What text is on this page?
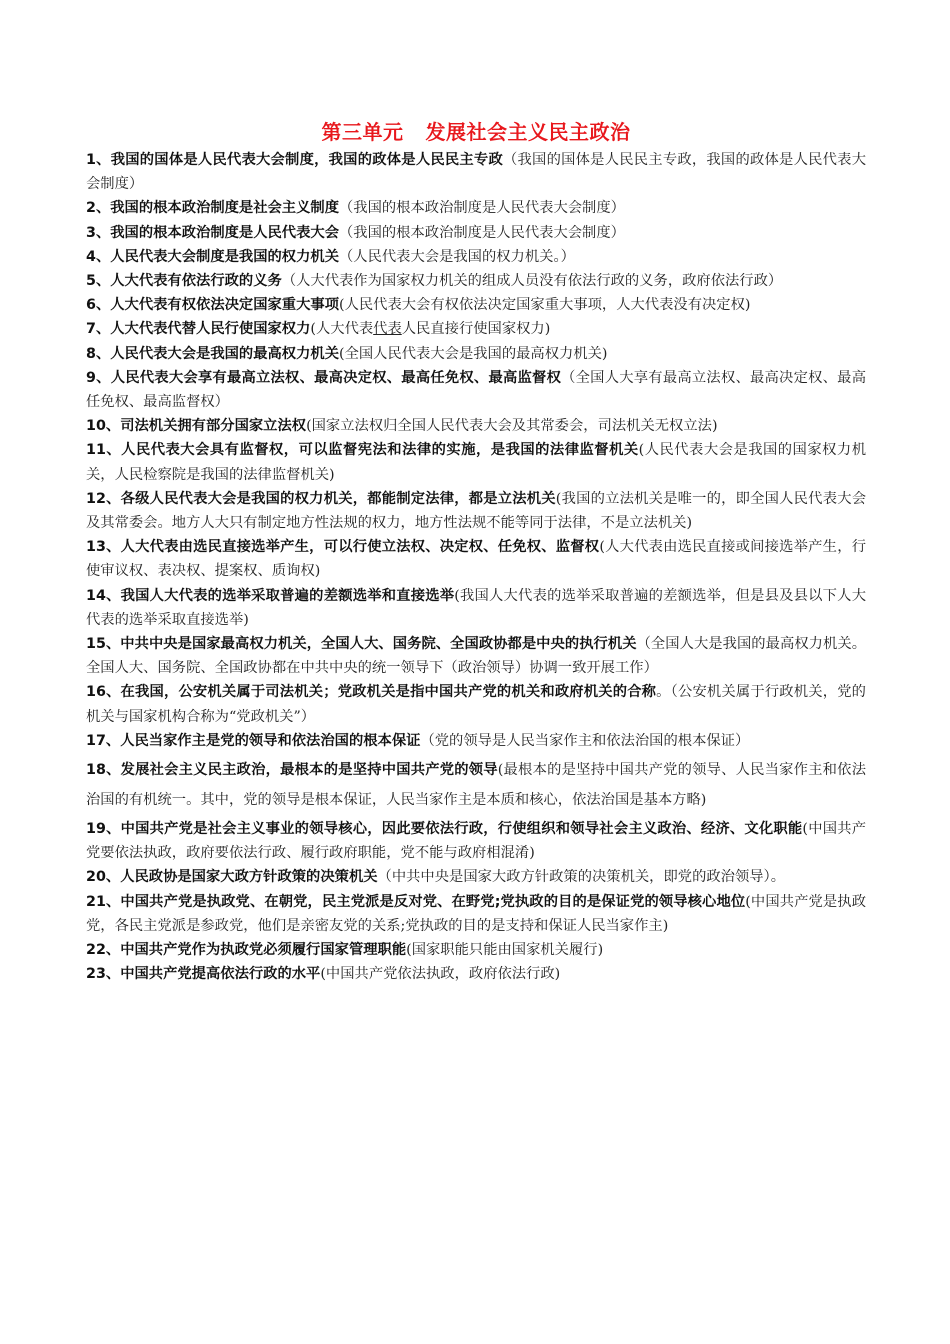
第三单元 发展社会主义民主政治

1、我国的国体是人民代表大会制度，我国的政体是人民民主专政（我国的国体是人民民主专政，我国的政体是人民代表大会制度）

2、我国的根本政治制度是社会主义制度（我国的根本政治制度是人民代表大会制度）

3、我国的根本政治制度是人民代表大会（我国的根本政治制度是人民代表大会制度）

4、人民代表大会制度是我国的权力机关（人民代表大会是我国的权力机关。）

5、人大代表有依法行政的义务（人大代表作为国家权力机关的组成人员没有依法行政的义务，政府依法行政）

6、人大代表有权依法决定国家重大事项(人民代表大会有权依法决定国家重大事项，人大代表没有决定权)

7、人大代表代替人民行使国家权力(人大代表代表人民直接行使国家权力)

8、人民代表大会是我国的最高权力机关(全国人民代表大会是我国的最高权力机关)

9、人民代表大会享有最高立法权、最高决定权、最高任免权、最高监督权（全国人大享有最高立法权、最高决定权、最高任免权、最高监督权）

10、司法机关拥有部分国家立法权(国家立法权归全国人民代表大会及其常委会，司法机关无权立法)

11、人民代表大会具有监督权，可以监督宪法和法律的实施，是我国的法律监督机关(人民代表大会是我国的国家权力机关，人民检察院是我国的法律监督机关)

12、各级人民代表大会是我国的权力机关，都能制定法律，都是立法机关(我国的立法机关是唯一的，即全国人民代表大会及其常委会。地方人大只有制定地方性法规的权力，地方性法规不能等同于法律，不是立法机关)

13、人大代表由选民直接选举产生，可以行使立法权、决定权、任免权、监督权(人大代表由选民直接或间接选举产生，行使审议权、表决权、提案权、质询权)

14、我国人大代表的选举采取普遍的差额选举和直接选举(我国人大代表的选举采取普遍的差额选举，但是县及县以下人大代表的选举采取直接选举)

15、中共中央是国家最高权力机关，全国人大、国务院、全国政协都是中央的执行机关（全国人大是我国的最高权力机关。全国人大、国务院、全国政协都在中共中央的统一领导下（政治领导）协调一致开展工作）

16、在我国，公安机关属于司法机关；党政机关是指中国共产党的机关和政府机关的合称。（公安机关属于行政机关，党的机关与国家机构合称为“党政机关”）

17、人民当家作主是党的领导和依法治国的根本保证（党的领导是人民当家作主和依法治国的根本保证）

18、发展社会主义民主政治，最根本的是坚持中国共产党的领导(最根本的是坚持中国共产党的领导、人民当家作主和依法治国的有机统一。其中，党的领导是根本保证，人民当家作主是本质和核心，依法治国是基本方略)

19、中国共产党是社会主义事业的领导核心，因此要依法行政，行使组织和领导社会主义政治、经济、文化职能(中国共产党要依法执政，政府要依法行政、履行政府职能，党不能与政府相混淆)

20、人民政协是国家大政方针政策的决策机关（中共中央是国家大政方针政策的决策机关，即党的政治领导）。

21、中国共产党是执政党、在朝党，民主党派是反对党、在野党;党执政的目的是保证党的领导核心地位(中国共产党是执政党，各民主党派是参政党，他们是亲密友党的关系;党执政的目的是支持和保证人民当家作主)

22、中国共产党作为执政党必须履行国家管理职能(国家职能只能由国家机关履行)

23、中国共产党提高依法行政的水平(中国共产党依法执政，政府依法行政)
